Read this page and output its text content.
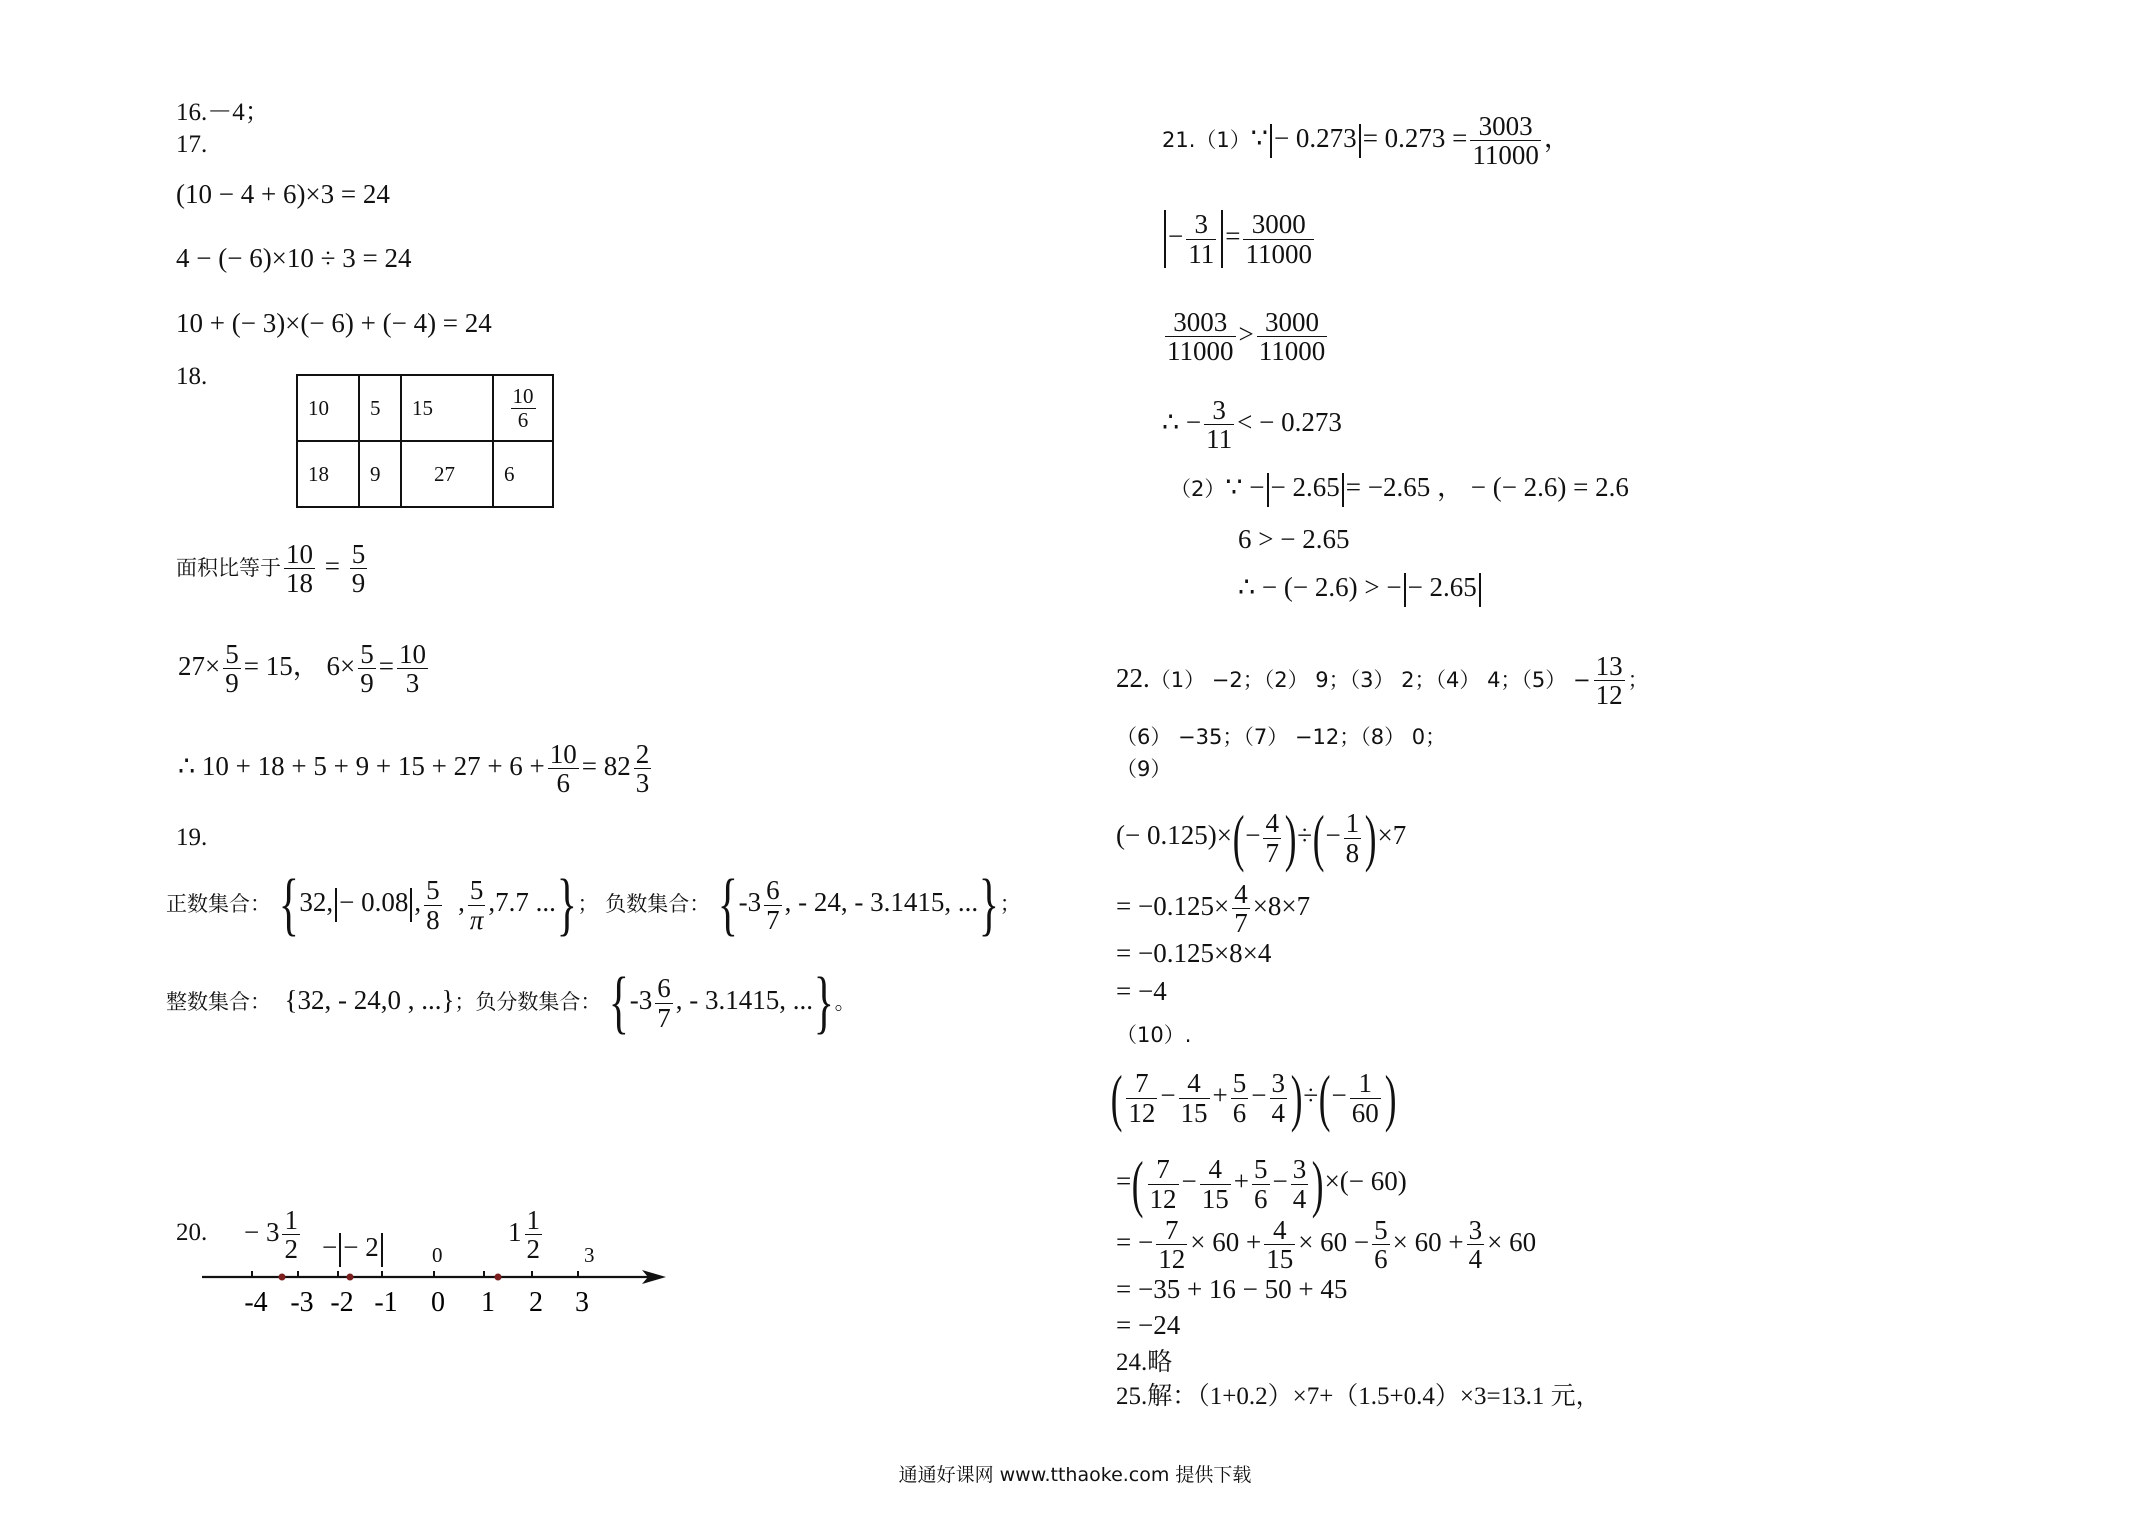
16.－4；
17.
(10 − 4 + 6)×3 = 24
4 − (− 6)×10 ÷ 3 = 24
10 + (− 3)×(− 6) + (− 4) = 24
18.
10	5	15	$\frac{10}{6}$

18	9	27	6
面积比等于 $\frac{10}{18} = \frac{5}{9}$
$27\times \frac{5}{9} = 15$， $6\times \frac{5}{9} = \frac{10}{3}$
∴ $10 + 18 + 5 + 9 + 15 + 27 + 6 + \frac{10}{6} = 82 \frac{2}{3}$
19.
正数集合： {32, − 0.08 , $\frac{5}{8}$ , $\frac{5}{\pi} ,7.7$ ...}； 负数集合： {$-3 \frac{6}{7}$ , - 24, - 3.1415, ...}；
整数集合： {32, - 24,0 , ...}；负分数集合： {$-3 \frac{6}{7}$ , - 3.1415, ...}。
20. − $3 \frac{1}{2}$ − − 2	0
$1 \frac{1}{2} 3$
-4 -3 -2 -1 0 1 2 3
21.（1）∵ − $0.273 = 0.273 = \frac{3003}{11000}$ ，
− $\frac{3}{11} = \frac{3000}{11000}$
$\frac{3003}{11000} > \frac{3000}{11000}$
∴ − $\frac{3}{11}$ < − 0.273
（2）∵ − − 2.65 = −2.65 ， − (− 2.6) = 2.6
6 > − 2.65
∴ − (− 2.6) > − − 2.65
22.（1） −2；（2） 9；（3） 2；（4） 4；$(5) - \frac{13}{12}$ ；
（6） −35；（7） −12；（8） 0；
（9）
(− $0.125)\times(- \frac{4}{7}$ )÷(− $\frac{1}{8} )\times 7$
= $-0.125\times \frac{4}{7} \times 8\times 7$
= −0.125×8×4
= −4
（10）.
( $\frac{7}{12} - \frac{4}{15} + \frac{5}{6} - \frac{3}{4}$ )÷(− $\frac{1}{60}$ )
=( $\frac{7}{12} - \frac{4}{15} + \frac{5}{6} - \frac{3}{4}$ )×(− 60)
= − $\frac{7}{12} \times 60 + \frac{4}{15} \times 60 - \frac{5}{6} \times 60 + \frac{3}{4} \times 60$
= −35 + 16 − 50 + 45
= −24
24.略
25.解：（1+0.2）×7+（1.5+0.4）×3=13.1 元，
通通好课网 www.tthaoke.com 提供下载
